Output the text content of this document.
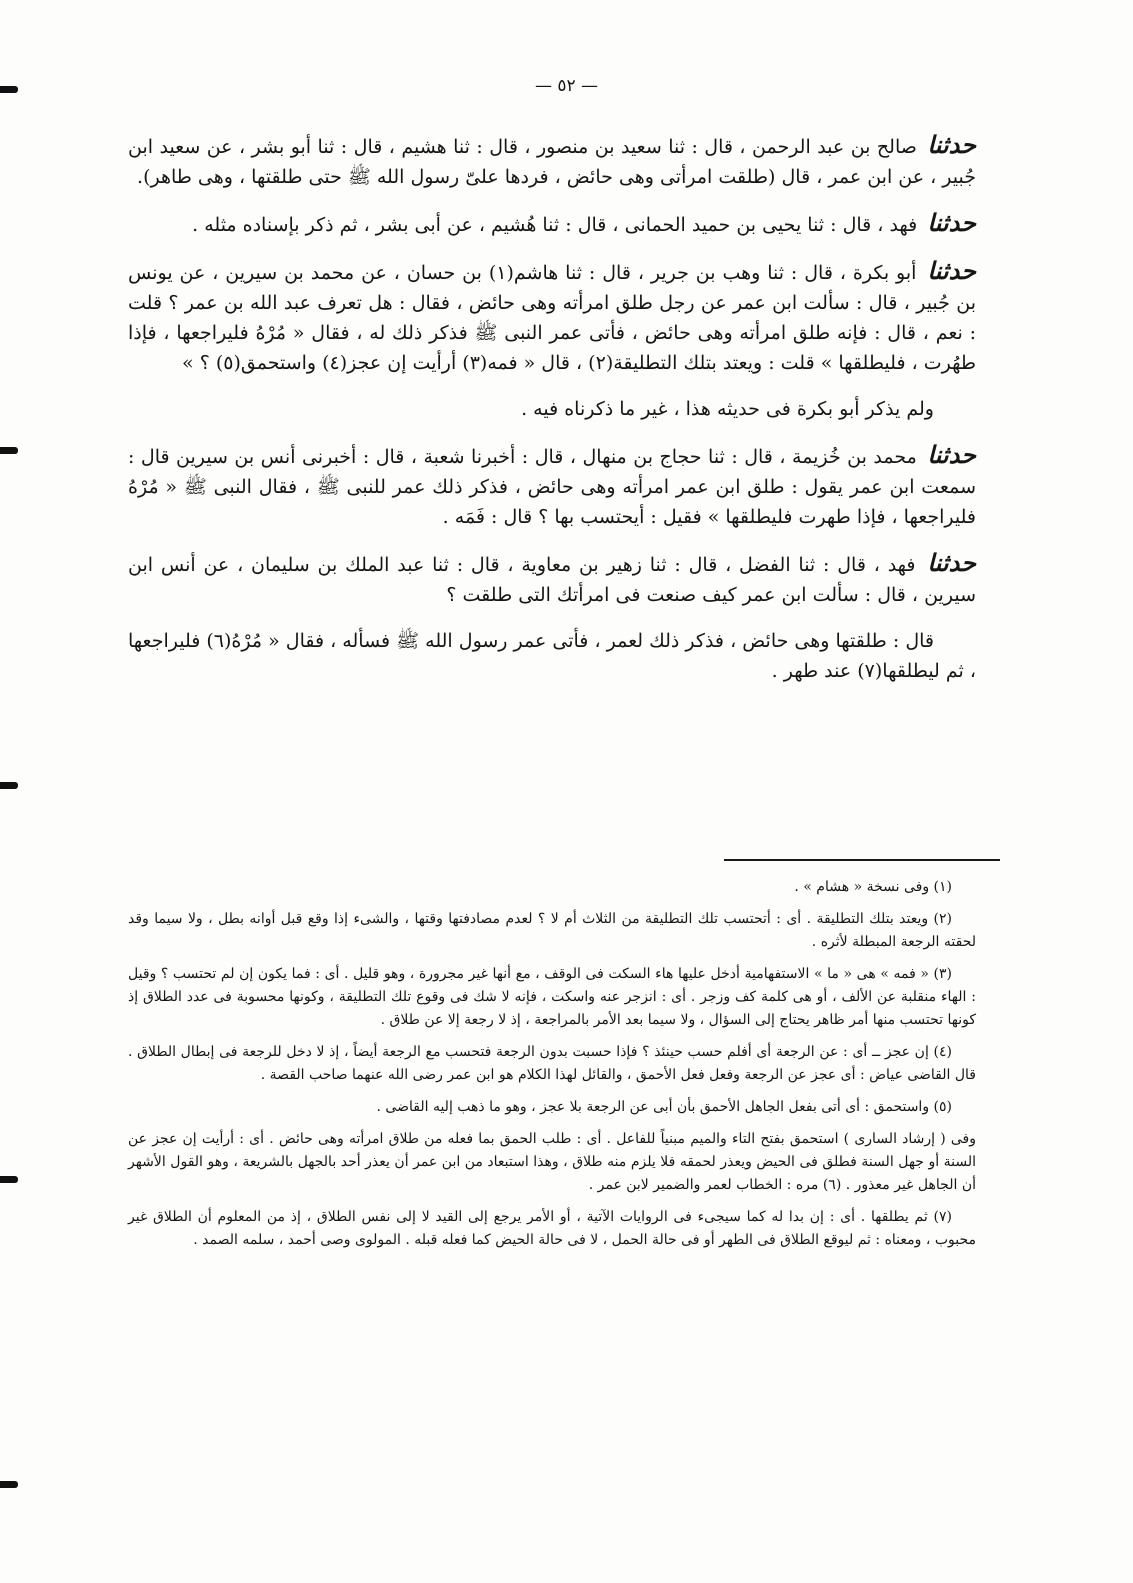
— ٥٢ —

حدثنا صالح بن عبد الرحمن ، قال : ثنا سعيد بن منصور ، قال : ثنا هشيم ، قال : ثنا أبو بشر ، عن سعيد ابن جُبير ، عن ابن عمر ، قال (طلقت امرأتى وهى حائض ، فردها علىّ رسول الله ﷺ حتى طلقتها ، وهى طاهر).

حدثنا فهد ، قال : ثنا يحيى بن حميد الحمانى ، قال : ثنا هُشيم ، عن أبى بشر ، ثم ذكر بإسناده مثله .

حدثنا أبو بكرة ، قال : ثنا وهب بن جرير ، قال : ثنا هاشم(١) بن حسان ، عن محمد بن سيرين ، عن يونس بن جُبير ، قال : سألت ابن عمر عن رجل طلق امرأته وهى حائض ، فقال : هل تعرف عبد الله بن عمر ؟ قلت : نعم ، قال : فإنه طلق امرأته وهى حائض ، فأتى عمر النبى ﷺ فذكر ذلك له ، فقال « مُرْهُ فليراجعها ، فإذا طهُرت ، فليطلقها » قلت : ويعتد بتلك التطليقة(٢) ، قال « فمه(٣) أرأيت إن عجز(٤) واستحمق(٥) ؟ »

ولم يذكر أبو بكرة فى حديثه هذا ، غير ما ذكرناه فيه .

حدثنا محمد بن خُزيمة ، قال : ثنا حجاج بن منهال ، قال : أخبرنا شعبة ، قال : أخبرنى أنس بن سيرين قال : سمعت ابن عمر يقول : طلق ابن عمر امرأته وهى حائض ، فذكر ذلك عمر للنبى ﷺ ، فقال النبى ﷺ « مُرْهُ فليراجعها ، فإذا طهرت فليطلقها » فقيل : أيحتسب بها ؟ قال : فَمَه .

حدثنا فهد ، قال : ثنا الفضل ، قال : ثنا زهير بن معاوية ، قال : ثنا عبد الملك بن سليمان ، عن أنس ابن سيرين ، قال : سألت ابن عمر كيف صنعت فى امرأتك التى طلقت ؟

قال : طلقتها وهى حائض ، فذكر ذلك لعمر ، فأتى عمر رسول الله ﷺ فسأله ، فقال « مُرْهُ(٦) فليراجعها ، ثم ليطلقها(٧) عند طهر .

(١) وفى نسخة « هشام » .

(٢) ويعتد بتلك التطليقة . أى : أتحتسب تلك التطليقة من الثلاث أم لا ؟ لعدم مصادفتها وقتها ، والشىء إذا وقع قبل أوانه بطل ، ولا سيما وقد لحقته الرجعة المبطلة لأثره .

(٣) « فمه » هى « ما » الاستفهامية أدخل عليها هاء السكت فى الوقف ، مع أنها غير مجرورة ، وهو قليل . أى : فما يكون إن لم تحتسب ؟ وقيل : الهاء منقلبة عن الألف ، أو هى كلمة كف وزجر . أى : انزجر عنه واسكت ، فإنه لا شك فى وقوع تلك التطليقة ، وكونها محسوبة فى عدد الطلاق إذ كونها تحتسب منها أمر ظاهر يحتاج إلى السؤال ، ولا سيما بعد الأمر بالمراجعة ، إذ لا رجعة إلا عن طلاق .

(٤) إن عجز ــ أى : عن الرجعة أى أفلم حسب حينئذ ؟ فإذا حسبت بدون الرجعة فتحسب مع الرجعة أيضاً ، إذ لا دخل للرجعة فى إبطال الطلاق . قال القاضى عياض : أى عجز عن الرجعة وفعل فعل الأحمق ، والقائل لهذا الكلام هو ابن عمر رضى الله عنهما صاحب القصة .

(٥) واستحمق : أى أتى بفعل الجاهل الأحمق بأن أبى عن الرجعة بلا عجز ، وهو ما ذهب إليه القاضى .

وفى ( إرشاد السارى ) استحمق بفتح التاء والميم مبنياً للفاعل . أى : طلب الحمق بما فعله من طلاق امرأته وهى حائض . أى : أرأيت إن عجز عن السنة أو جهل السنة فطلق فى الحيض ويعذر لحمقه فلا يلزم منه طلاق ، وهذا استبعاد من ابن عمر أن يعذر أحد بالجهل بالشريعة ، وهو القول الأشهر أن الجاهل غير معذور . (٦) مره : الخطاب لعمر والضمير لابن عمر .

(٧) ثم يطلقها . أى : إن بدا له كما سيجىء فى الروايات الآتية ، أو الأمر يرجع إلى القيد لا إلى نفس الطلاق ، إذ من المعلوم أن الطلاق غير محبوب ، ومعناه : ثم ليوقع الطلاق فى الطهر أو فى حالة الحمل ، لا فى حالة الحيض كما فعله قبله . المولوى وصى أحمد ، سلمه الصمد .
